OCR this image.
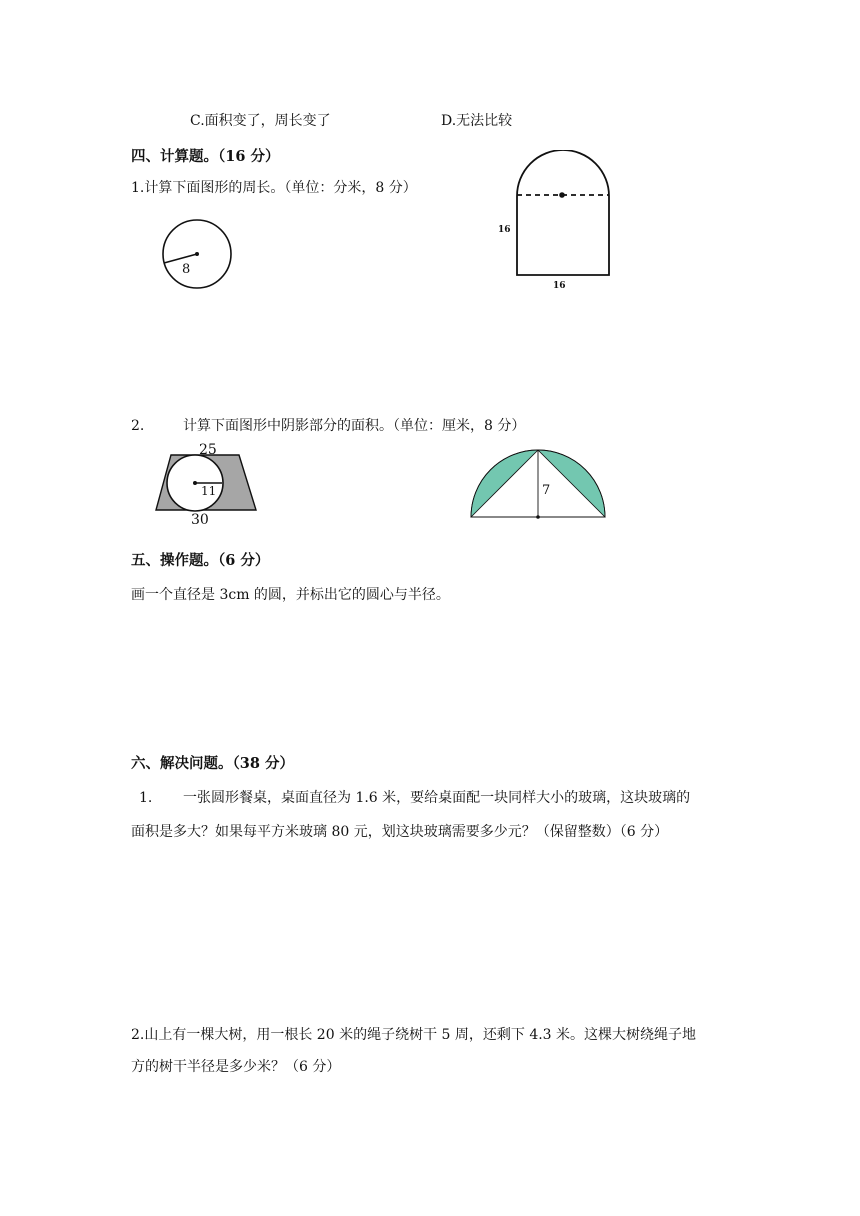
C.面积变了，周长变了	D.无法比较
四、计算题。（16 分）
1.计算下面图形的周长。（单位：分米，8 分）
8
16
16
2.	计算下面图形中阴影部分的面积。（单位：厘米，8 分）
25
11
30
7
五、操作题。（6 分）
画一个直径是 3cm 的圆，并标出它的圆心与半径。
六、解决问题。（38 分）
1. 一张圆形餐桌，桌面直径为 1.6 米，要给桌面配一块同样大小的玻璃，这块玻璃的
面积是多大？如果每平方米玻璃 80 元，划这块玻璃需要多少元？（保留整数）（6 分）
2.山上有一棵大树，用一根长 20 米的绳子绕树干 5 周，还剩下 4.3 米。这棵大树绕绳子地
方的树干半径是多少米？（6 分）
